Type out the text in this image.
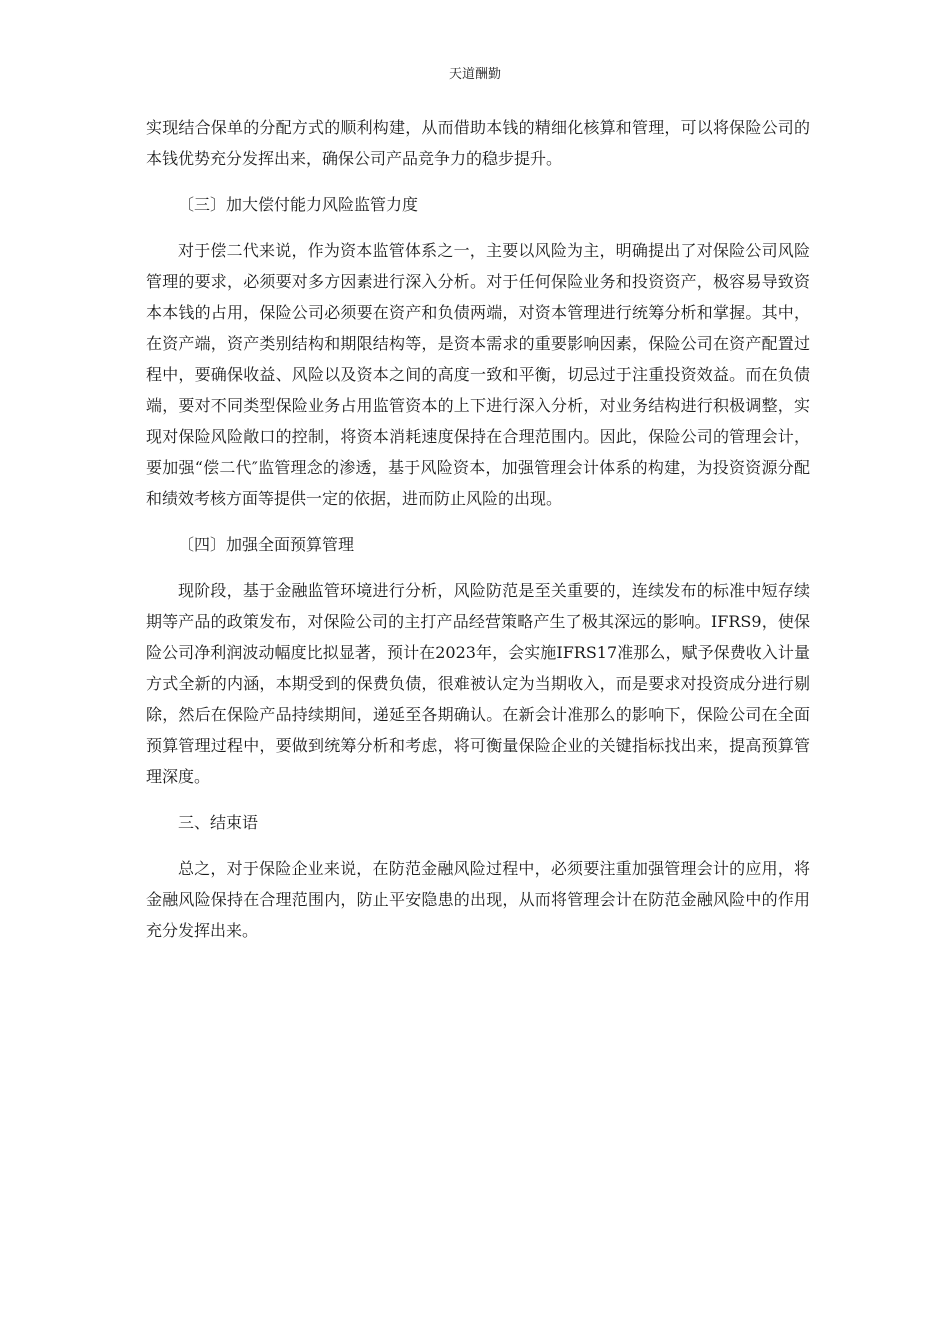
天道酬勤

实现结合保单的分配方式的顺利构建，从而借助本钱的精细化核算和管理，可以将保险公司的本钱优势充分发挥出来，确保公司产品竞争力的稳步提升。

〔三〕加大偿付能力风险监管力度

对于偿二代来说，作为资本监管体系之一，主要以风险为主，明确提出了对保险公司风险管理的要求，必须要对多方因素进行深入分析。对于任何保险业务和投资资产，极容易导致资本本钱的占用，保险公司必须要在资产和负债两端，对资本管理进行统筹分析和掌握。其中，在资产端，资产类别结构和期限结构等，是资本需求的重要影响因素，保险公司在资产配置过程中，要确保收益、风险以及资本之间的高度一致和平衡，切忌过于注重投资效益。而在负债端，要对不同类型保险业务占用监管资本的上下进行深入分析，对业务结构进行积极调整，实现对保险风险敞口的控制，将资本消耗速度保持在合理范围内。因此，保险公司的管理会计，要加强“偿二代″监管理念的渗透，基于风险资本，加强管理会计体系的构建，为投资资源分配和绩效考核方面等提供一定的依据，进而防止风险的出现。

〔四〕加强全面预算管理

现阶段，基于金融监管环境进行分析，风险防范是至关重要的，连续发布的标准中短存续期等产品的政策发布，对保险公司的主打产品经营策略产生了极其深远的影响。IFRS9，使保险公司净利润波动幅度比拟显著，预计在2023年，会实施IFRS17准那么，赋予保费收入计量方式全新的内涵，本期受到的保费负债，很难被认定为当期收入，而是要求对投资成分进行剔除，然后在保险产品持续期间，递延至各期确认。在新会计准那么的影响下，保险公司在全面预算管理过程中，要做到统筹分析和考虑，将可衡量保险企业的关键指标找出来，提高预算管理深度。

三、结束语

总之，对于保险企业来说，在防范金融风险过程中，必须要注重加强管理会计的应用，将金融风险保持在合理范围内，防止平安隐患的出现，从而将管理会计在防范金融风险中的作用充分发挥出来。
